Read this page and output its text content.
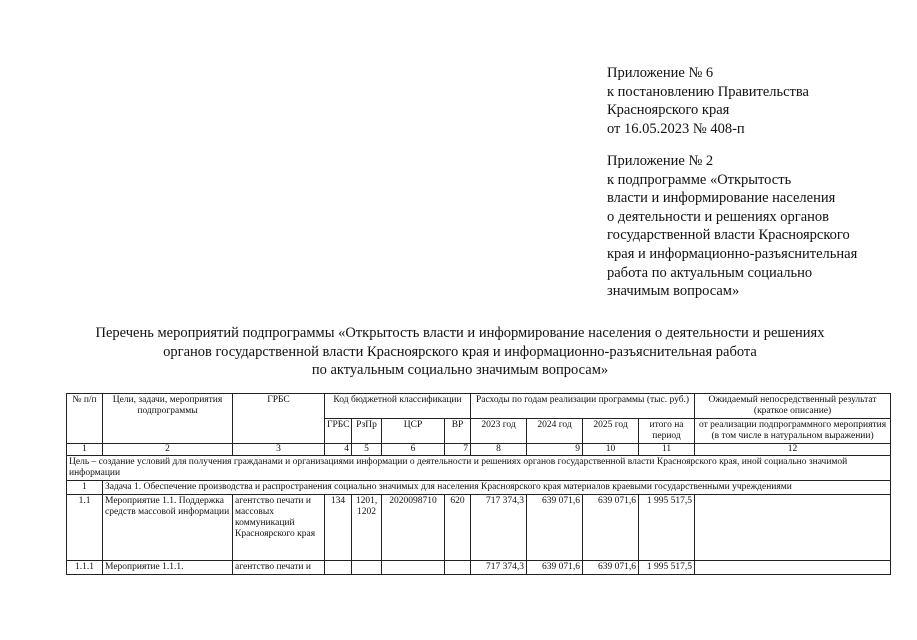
Приложение № 6
к постановлению Правительства
Красноярского края
от 16.05.2023 № 408-п
Приложение № 2
к подпрограмме «Открытость
власти и информирование населения
о деятельности и решениях органов
государственной власти Красноярского
края и информационно-разъяснительная
работа по актуальным социально
значимым вопросам»
Перечень мероприятий подпрограммы «Открытость власти и информирование населения о деятельности и решениях
органов государственной власти Красноярского края и информационно-разъяснительная работа
по актуальным социально значимым вопросам»
№ п/п	Цели, задачи, мероприятия подпрограммы	ГРБС	Код бюджетной классификации				Расходы по годам реализации программы (тыс. руб.)				Ожидаемый непосредственный результат (краткое описание)
			ГРБС	РзПр	ЦСР	ВР	2023 год	2024 год	2025 год	итого на период	от реализации подпрограммного мероприятия (в том числе в натуральном выражении)
1	2	3	4	5	6	7	8	9	10	11	12
Цель – создание условий для получения гражданами и организациями информации о деятельности и решениях органов государственной власти Красноярского края, иной социально значимой информации											
1	Задача 1. Обеспечение производства и распространения социально значимых для населения Красноярского края материалов краевыми государственными учреждениями										
1.1	Мероприятие 1.1. Поддержка средств массовой информации	агентство печати и массовых коммуникаций Красноярского края	134	1201, 1202	2020098710	620	717 374,3	639 071,6	639 071,6	1 995 517,5	
1.1.1	Мероприятие 1.1.1.	агентство печати и					717 374,3	639 071,6	639 071,6	1 995 517,5	
